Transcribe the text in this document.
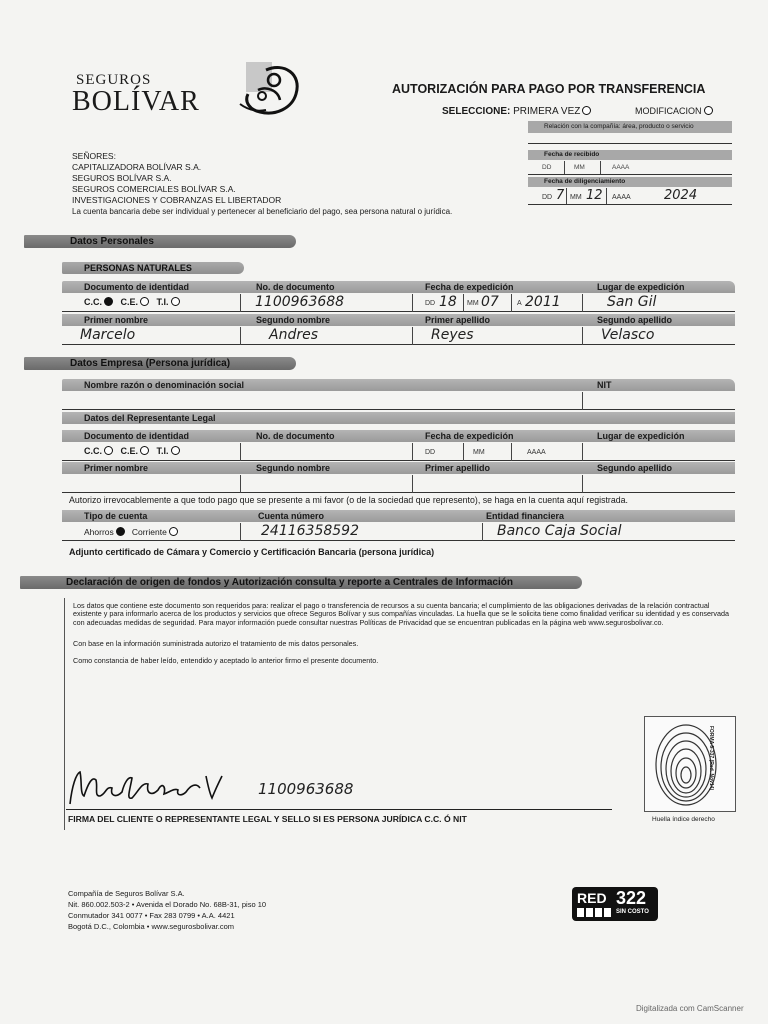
SEGUROS
BOLÍVAR	AUTORIZACIÓN PARA PAGO POR TRANSFERENCIA
SELECCIONE: PRIMERA VEZ	MODIFICACION
Relación con la compañía: área, producto o servicio
Fecha de recibido
DD	MM	AAAA
Fecha de diligenciamiento
DD 7 MM 12 AAAA	2024
SEÑORES:
CAPITALIZADORA BOLÍVAR S.A.
SEGUROS BOLÍVAR S.A.
SEGUROS COMERCIALES BOLÍVAR S.A.
INVESTIGACIONES Y COBRANZAS EL LIBERTADOR
La cuenta bancaria debe ser individual y pertenecer al beneficiario del pago, sea persona natural o jurídica.
Datos Personales
PERSONAS NATURALES
Documento de identidad	No. de documento	Fecha de expedición	Lugar de expedición
C.C. C.E. T.I.	1100963688	DD 18 MM 07	A 2011	San Gil
Primer nombre	Segundo nombre	Primer apellido	Segundo apellido
Marcelo	Andres	Reyes	Velasco
Datos Empresa (Persona jurídica)
Nombre razón o denominación social	NIT
Datos del Representante Legal
Documento de identidad	No. de documento	Fecha de expedición	Lugar de expedición
C.C. C.E. T.I.	DD	MM	AAAA
Primer nombre	Segundo nombre	Primer apellido	Segundo apellido
Autorizo irrevocablemente a que todo pago que se presente a mi favor (o de la sociedad que represento), se haga en la cuenta aquí registrada.
Tipo de cuenta	Cuenta número	Entidad financiera
Ahorros Corriente	24116358592	Banco Caja Social
Adjunto certificado de Cámara y Comercio y Certificación Bancaria (persona jurídica)
Declaración de origen de fondos y Autorización consulta y reporte a Centrales de Información
Los datos que contiene este documento son requeridos para: realizar el pago o transferencia de recursos a su cuenta bancaria; el cumplimiento de las obligaciones derivadas de la relación contractual existente y para informarlo acerca de los productos y servicios que ofrece Seguros Bolívar y sus compañías vinculadas. La huella que se le solicita tiene como finalidad verificar su identidad y es conservada con adecuadas medidas de seguridad. Para mayor información puede consultar nuestras Políticas de Privacidad que se encuentran publicadas en la página web www.segurosbolivar.co.
Con base en la información suministrada autorizo el tratamiento de mis datos personales.
Como constancia de haber leído, entendido y aceptado lo anterior firmo el presente documento.
1100963688
FIRMA DEL CLIENTE O REPRESENTANTE LEGAL Y SELLO SI ES PERSONA JURÍDICA C.C. Ó NIT
FORMA 8-337 (Red. Nov14)
Huella índice derecho
Compañía de Seguros Bolívar S.A.
Nit. 860.002.503-2 • Avenida el Dorado No. 68B-31, piso 10
Conmutador 341 0077 • Fax 283 0799 • A.A. 4421
Bogotá D.C., Colombia • www.segurosbolivar.com
RED 322
SIN COSTO
Digitalizada com CamScanner
